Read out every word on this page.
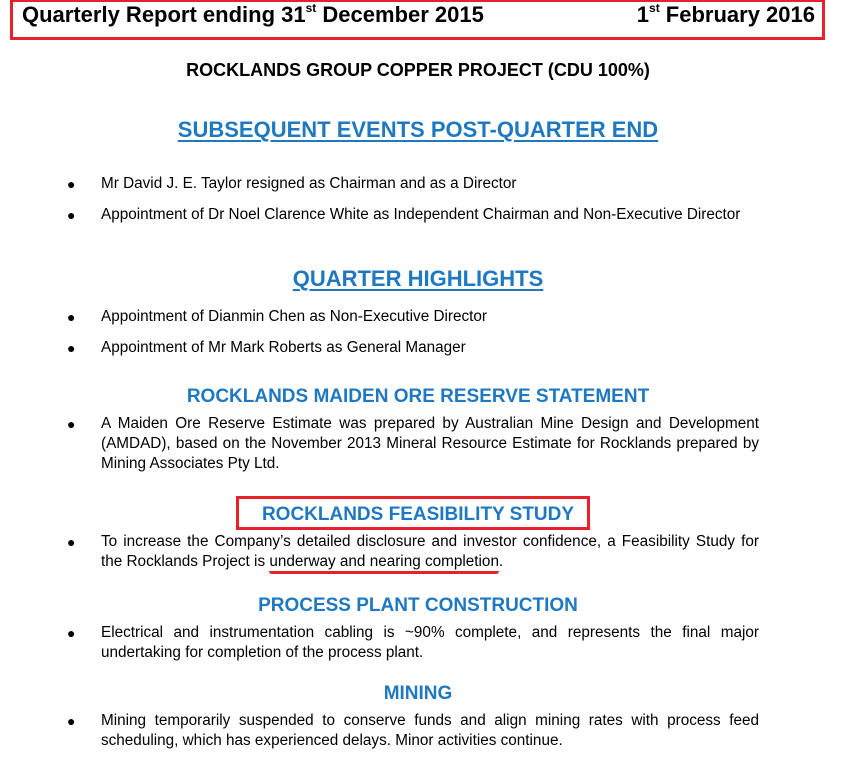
Quarterly Report ending 31st December 2015	1st February 2016
ROCKLANDS GROUP COPPER PROJECT (CDU 100%)
SUBSEQUENT EVENTS POST-QUARTER END
● Mr David J. E. Taylor resigned as Chairman and as a Director
● Appointment of Dr Noel Clarence White as Independent Chairman and Non-Executive Director
QUARTER HIGHLIGHTS
● Appointment of Dianmin Chen as Non-Executive Director
● Appointment of Mr Mark Roberts as General Manager
ROCKLANDS MAIDEN ORE RESERVE STATEMENT
● A Maiden Ore Reserve Estimate was prepared by Australian Mine Design and Development (AMDAD), based on the November 2013 Mineral Resource Estimate for Rocklands prepared by Mining Associates Pty Ltd.
ROCKLANDS FEASIBILITY STUDY
● To increase the Company’s detailed disclosure and investor confidence, a Feasibility Study for the Rocklands Project is underway and nearing completion.
PROCESS PLANT CONSTRUCTION
● Electrical and instrumentation cabling is ~90% complete, and represents the final major undertaking for completion of the process plant.
MINING
● Mining temporarily suspended to conserve funds and align mining rates with process feed scheduling, which has experienced delays. Minor activities continue.
